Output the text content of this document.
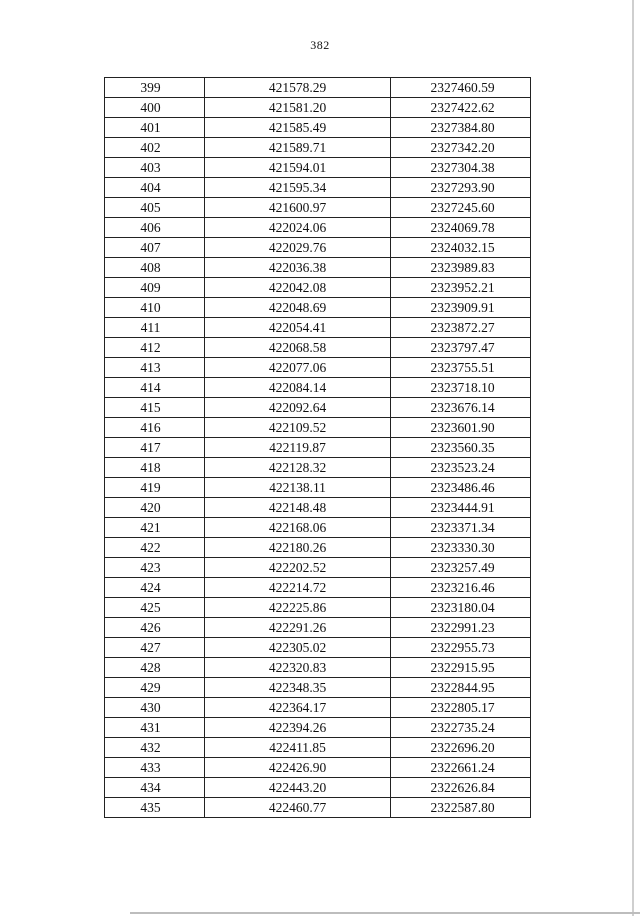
382
399	421578.29	2327460.59
400	421581.20	2327422.62
401	421585.49	2327384.80
402	421589.71	2327342.20
403	421594.01	2327304.38
404	421595.34	2327293.90
405	421600.97	2327245.60
406	422024.06	2324069.78
407	422029.76	2324032.15
408	422036.38	2323989.83
409	422042.08	2323952.21
410	422048.69	2323909.91
411	422054.41	2323872.27
412	422068.58	2323797.47
413	422077.06	2323755.51
414	422084.14	2323718.10
415	422092.64	2323676.14
416	422109.52	2323601.90
417	422119.87	2323560.35
418	422128.32	2323523.24
419	422138.11	2323486.46
420	422148.48	2323444.91
421	422168.06	2323371.34
422	422180.26	2323330.30
423	422202.52	2323257.49
424	422214.72	2323216.46
425	422225.86	2323180.04
426	422291.26	2322991.23
427	422305.02	2322955.73
428	422320.83	2322915.95
429	422348.35	2322844.95
430	422364.17	2322805.17
431	422394.26	2322735.24
432	422411.85	2322696.20
433	422426.90	2322661.24
434	422443.20	2322626.84
435	422460.77	2322587.80
